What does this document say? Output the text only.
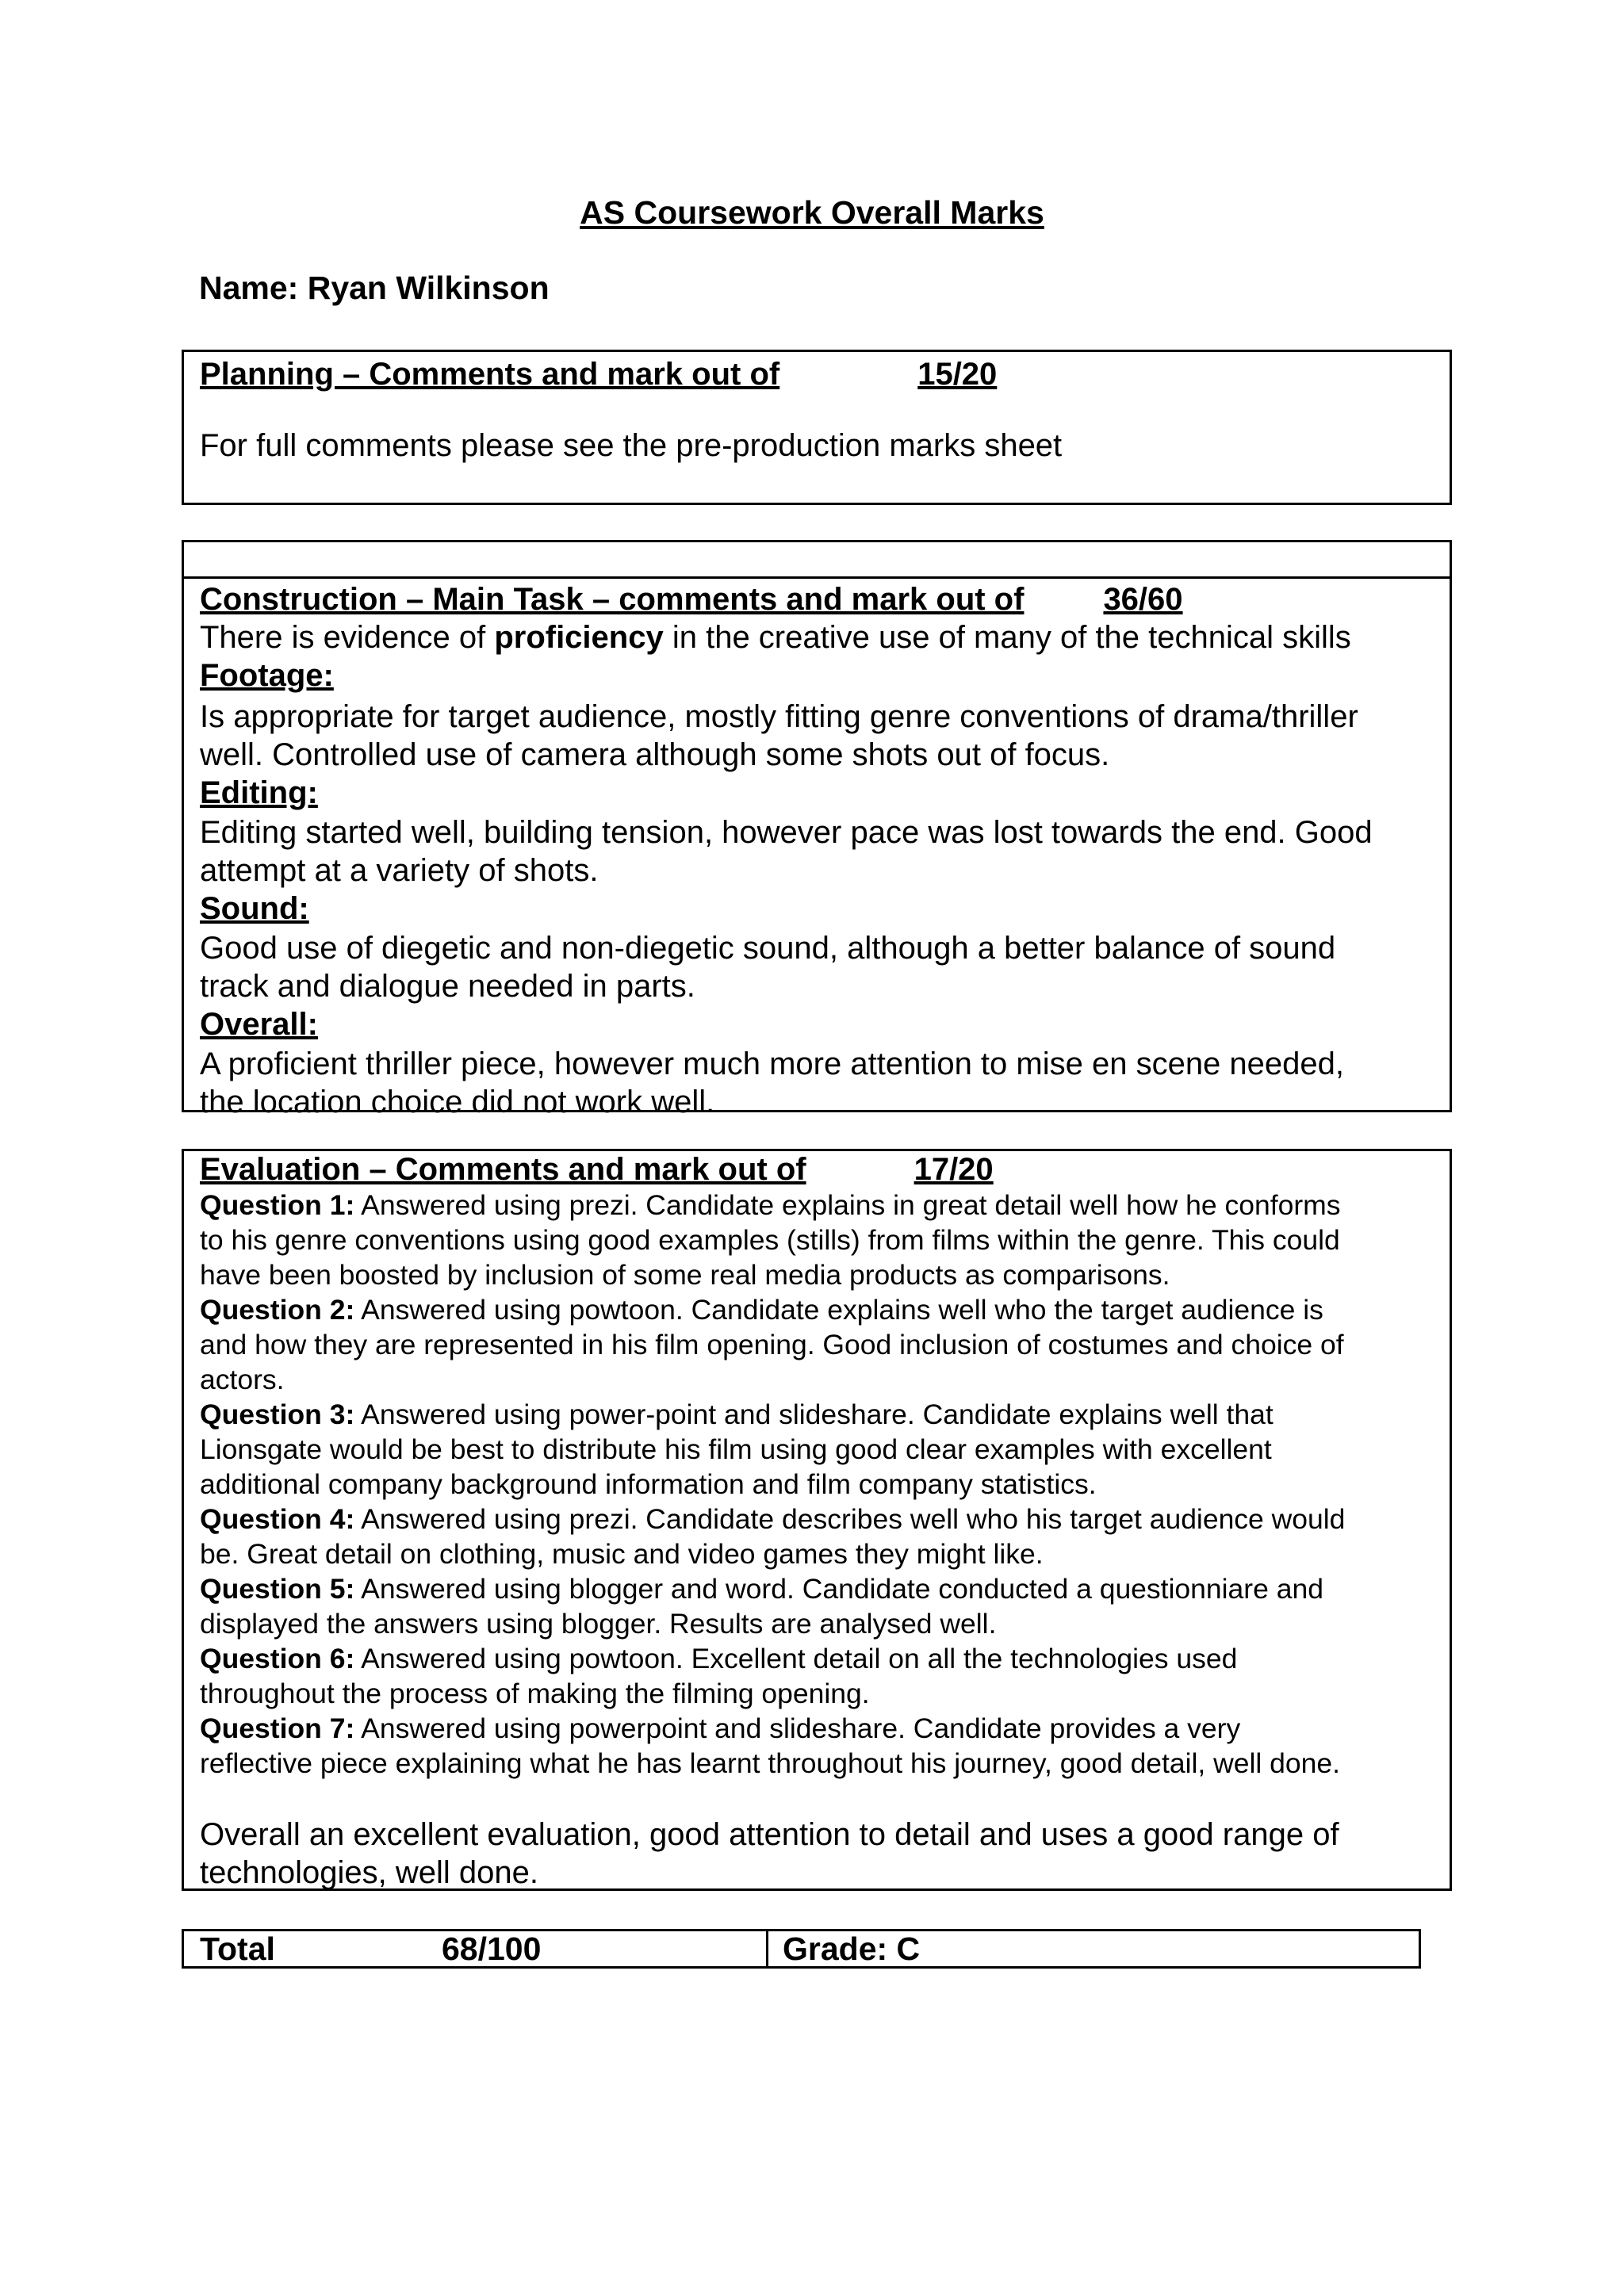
AS Coursework Overall Marks
Name: Ryan Wilkinson
Planning – Comments and mark out of	15/20
For full comments please see the pre-production marks sheet
Construction – Main Task – comments and mark out of	36/60
There is evidence of proficiency in the creative use of many of the technical skills
Footage:
Is appropriate for target audience, mostly fitting genre conventions of drama/thriller
well. Controlled use of camera although some shots out of focus.
Editing:
Editing started well, building tension, however pace was lost towards the end. Good
attempt at a variety of shots.
Sound:
Good use of diegetic and non-diegetic sound, although a better balance of sound
track and dialogue needed in parts.
Overall:
A proficient thriller piece, however much more attention to mise en scene needed,
the location choice did not work well.
Evaluation – Comments and mark out of	17/20
Question 1: Answered using prezi. Candidate explains in great detail well how he conforms
to his genre conventions using good examples (stills) from films within the genre. This could
have been boosted by inclusion of some real media products as comparisons.
Question 2: Answered using powtoon. Candidate explains well who the target audience is
and how they are represented in his film opening. Good inclusion of costumes and choice of
actors.
Question 3: Answered using power-point and slideshare. Candidate explains well that
Lionsgate would be best to distribute his film using good clear examples with excellent
additional company background information and film company statistics.
Question 4: Answered using prezi. Candidate describes well who his target audience would
be. Great detail on clothing, music and video games they might like.
Question 5: Answered using blogger and word. Candidate conducted a questionniare and
displayed the answers using blogger. Results are analysed well.
Question 6: Answered using powtoon. Excellent detail on all the technologies used
throughout the process of making the filming opening.
Question 7: Answered using powerpoint and slideshare. Candidate provides a very
reflective piece explaining what he has learnt throughout his journey, good detail, well done.
Overall an excellent evaluation, good attention to detail and uses a good range of
technologies, well done.
Total	68/100	Grade: C
